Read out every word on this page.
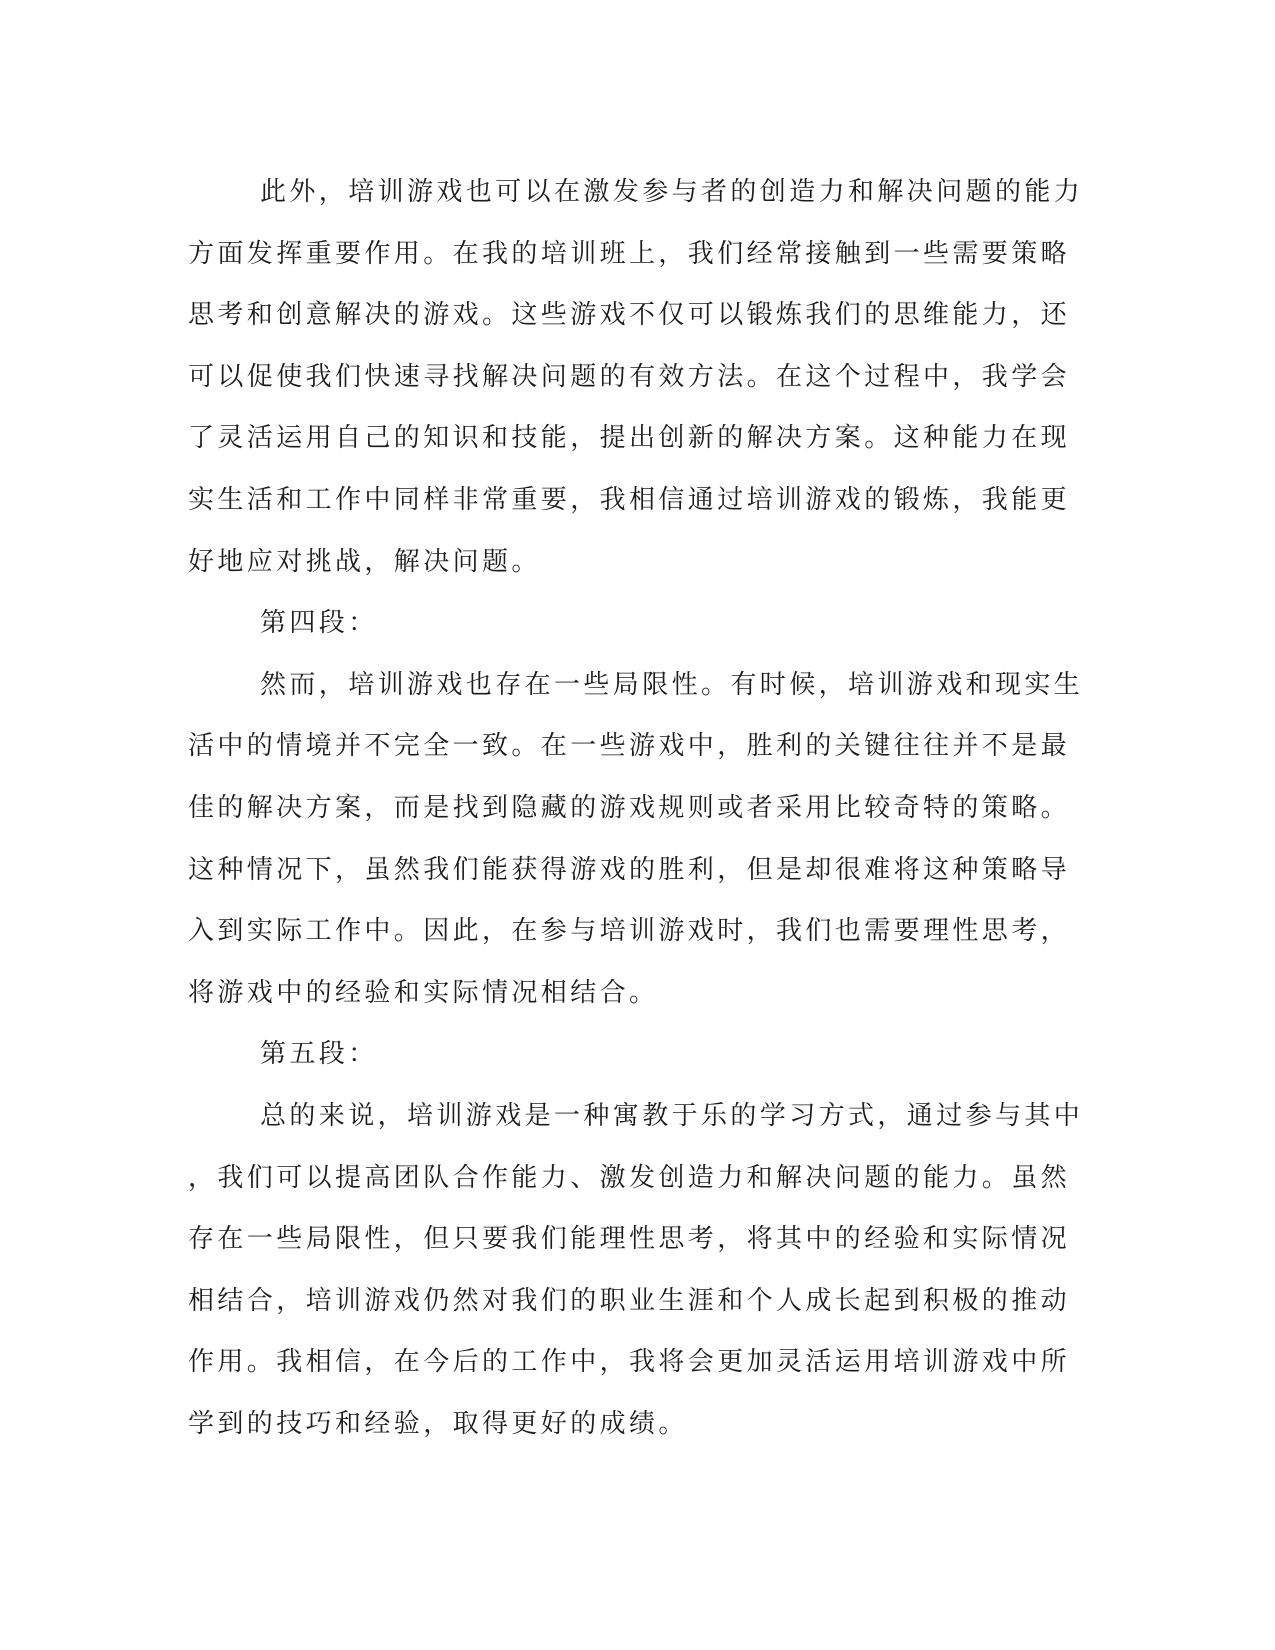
此外，培训游戏也可以在激发参与者的创造力和解决问题的能力
方面发挥重要作用。在我的培训班上，我们经常接触到一些需要策略
思考和创意解决的游戏。这些游戏不仅可以锻炼我们的思维能力，还
可以促使我们快速寻找解决问题的有效方法。在这个过程中，我学会
了灵活运用自己的知识和技能，提出创新的解决方案。这种能力在现
实生活和工作中同样非常重要，我相信通过培训游戏的锻炼，我能更
好地应对挑战，解决问题。
第四段：
然而，培训游戏也存在一些局限性。有时候，培训游戏和现实生
活中的情境并不完全一致。在一些游戏中，胜利的关键往往并不是最
佳的解决方案，而是找到隐藏的游戏规则或者采用比较奇特的策略。
这种情况下，虽然我们能获得游戏的胜利，但是却很难将这种策略导
入到实际工作中。因此，在参与培训游戏时，我们也需要理性思考，
将游戏中的经验和实际情况相结合。
第五段：
总的来说，培训游戏是一种寓教于乐的学习方式，通过参与其中
，我们可以提高团队合作能力、激发创造力和解决问题的能力。虽然
存在一些局限性，但只要我们能理性思考，将其中的经验和实际情况
相结合，培训游戏仍然对我们的职业生涯和个人成长起到积极的推动
作用。我相信，在今后的工作中，我将会更加灵活运用培训游戏中所
学到的技巧和经验，取得更好的成绩。
